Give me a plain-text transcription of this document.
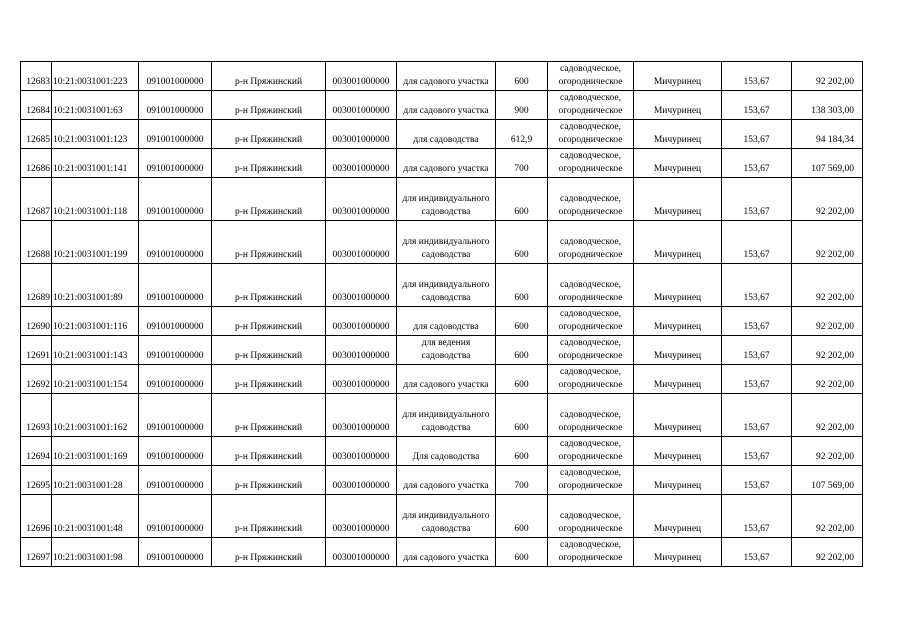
12683	10:21:0031001:223	091001000000	р-н Пряжинский	003001000000	для садового участка	600	садоводческое, огородническое	Мичуринец	153,67	92 202,00
12684	10:21:0031001:63	091001000000	р-н Пряжинский	003001000000	для садового участка	900	садоводческое, огородническое	Мичуринец	153,67	138 303,00
12685	10:21:0031001:123	091001000000	р-н Пряжинский	003001000000	для садоводства	612,9	садоводческое, огородническое	Мичуринец	153,67	94 184,34
12686	10:21:0031001:141	091001000000	р-н Пряжинский	003001000000	для садового участка	700	садоводческое, огородническое	Мичуринец	153,67	107 569,00
12687	10:21:0031001:118	091001000000	р-н Пряжинский	003001000000	для индивидуального садоводства	600	садоводческое, огородническое	Мичуринец	153,67	92 202,00
12688	10:21:0031001:199	091001000000	р-н Пряжинский	003001000000	для индивидуального садоводства	600	садоводческое, огородническое	Мичуринец	153,67	92 202,00
12689	10:21:0031001:89	091001000000	р-н Пряжинский	003001000000	для индивидуального садоводства	600	садоводческое, огородническое	Мичуринец	153,67	92 202,00
12690	10:21:0031001:116	091001000000	р-н Пряжинский	003001000000	для садоводства	600	садоводческое, огородническое	Мичуринец	153,67	92 202,00
12691	10:21:0031001:143	091001000000	р-н Пряжинский	003001000000	для ведения садоводства	600	садоводческое, огородническое	Мичуринец	153,67	92 202,00
12692	10:21:0031001:154	091001000000	р-н Пряжинский	003001000000	для садового участка	600	садоводческое, огородническое	Мичуринец	153,67	92 202,00
12693	10:21:0031001:162	091001000000	р-н Пряжинский	003001000000	для индивидуального садоводства	600	садоводческое, огородническое	Мичуринец	153,67	92 202,00
12694	10:21:0031001:169	091001000000	р-н Пряжинский	003001000000	Для садоводства	600	садоводческое, огородническое	Мичуринец	153,67	92 202,00
12695	10:21:0031001:28	091001000000	р-н Пряжинский	003001000000	для садового участка	700	садоводческое, огородническое	Мичуринец	153,67	107 569,00
12696	10:21:0031001:48	091001000000	р-н Пряжинский	003001000000	для индивидуального садоводства	600	садоводческое, огородническое	Мичуринец	153,67	92 202,00
12697	10:21:0031001:98	091001000000	р-н Пряжинский	003001000000	для садового участка	600	садоводческое, огородническое	Мичуринец	153,67	92 202,00
